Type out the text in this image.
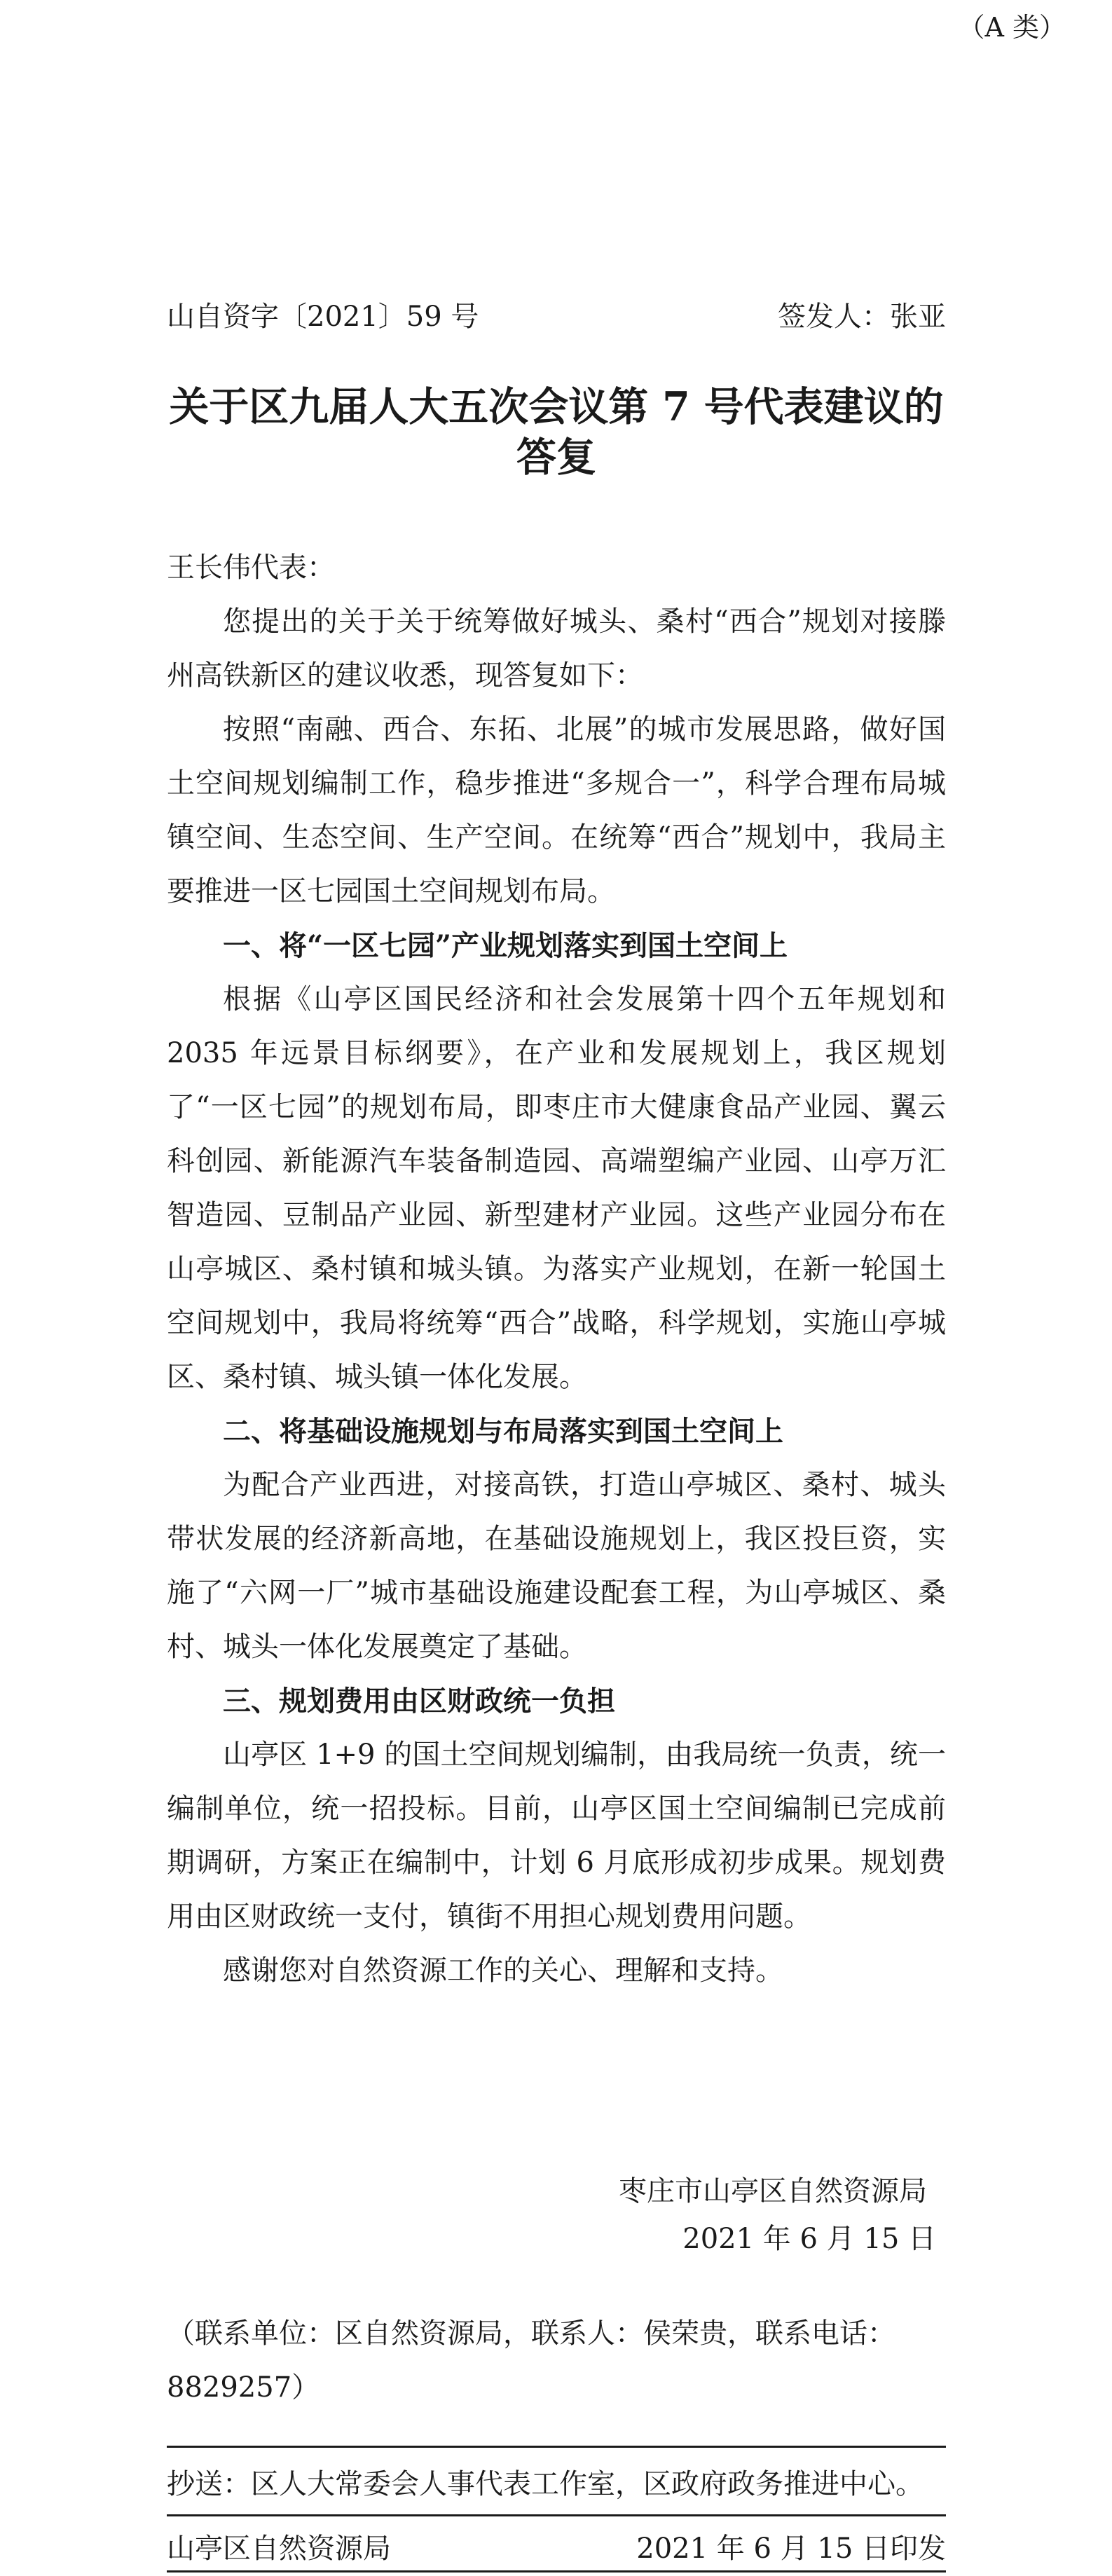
（A 类）
山自资字〔2021〕59 号	签发人：张亚
关于区九届人大五次会议第 7 号代表建议的
答复

王长伟代表：

您提出的关于关于统筹做好城头、桑村“西合”规划对接滕州高铁新区的建议收悉，现答复如下：

按照“南融、西合、东拓、北展”的城市发展思路，做好国土空间规划编制工作，稳步推进“多规合一”，科学合理布局城镇空间、生态空间、生产空间。在统筹“西合”规划中，我局主要推进一区七园国土空间规划布局。

一、将“一区七园”产业规划落实到国土空间上

根据《山亭区国民经济和社会发展第十四个五年规划和 2035 年远景目标纲要》，在产业和发展规划上，我区规划了“一区七园”的规划布局，即枣庄市大健康食品产业园、翼云科创园、新能源汽车装备制造园、高端塑编产业园、山亭万汇智造园、豆制品产业园、新型建材产业园。这些产业园分布在山亭城区、桑村镇和城头镇。为落实产业规划，在新一轮国土空间规划中，我局将统筹“西合”战略，科学规划，实施山亭城区、桑村镇、城头镇一体化发展。

二、将基础设施规划与布局落实到国土空间上

为配合产业西进，对接高铁，打造山亭城区、桑村、城头带状发展的经济新高地，在基础设施规划上，我区投巨资，实施了“六网一厂”城市基础设施建设配套工程，为山亭城区、桑村、城头一体化发展奠定了基础。

三、规划费用由区财政统一负担

山亭区 1+9 的国土空间规划编制，由我局统一负责，统一编制单位，统一招投标。目前，山亭区国土空间编制已完成前期调研，方案正在编制中，计划 6 月底形成初步成果。规划费用由区财政统一支付，镇街不用担心规划费用问题。

感谢您对自然资源工作的关心、理解和支持。

枣庄市山亭区自然资源局
2021 年 6 月 15 日
（联系单位：区自然资源局，联系人：侯荣贵，联系电话：8829257）
抄送：区人大常委会人事代表工作室，区政府政务推进中心。
山亭区自然资源局	2021 年 6 月 15 日印发
